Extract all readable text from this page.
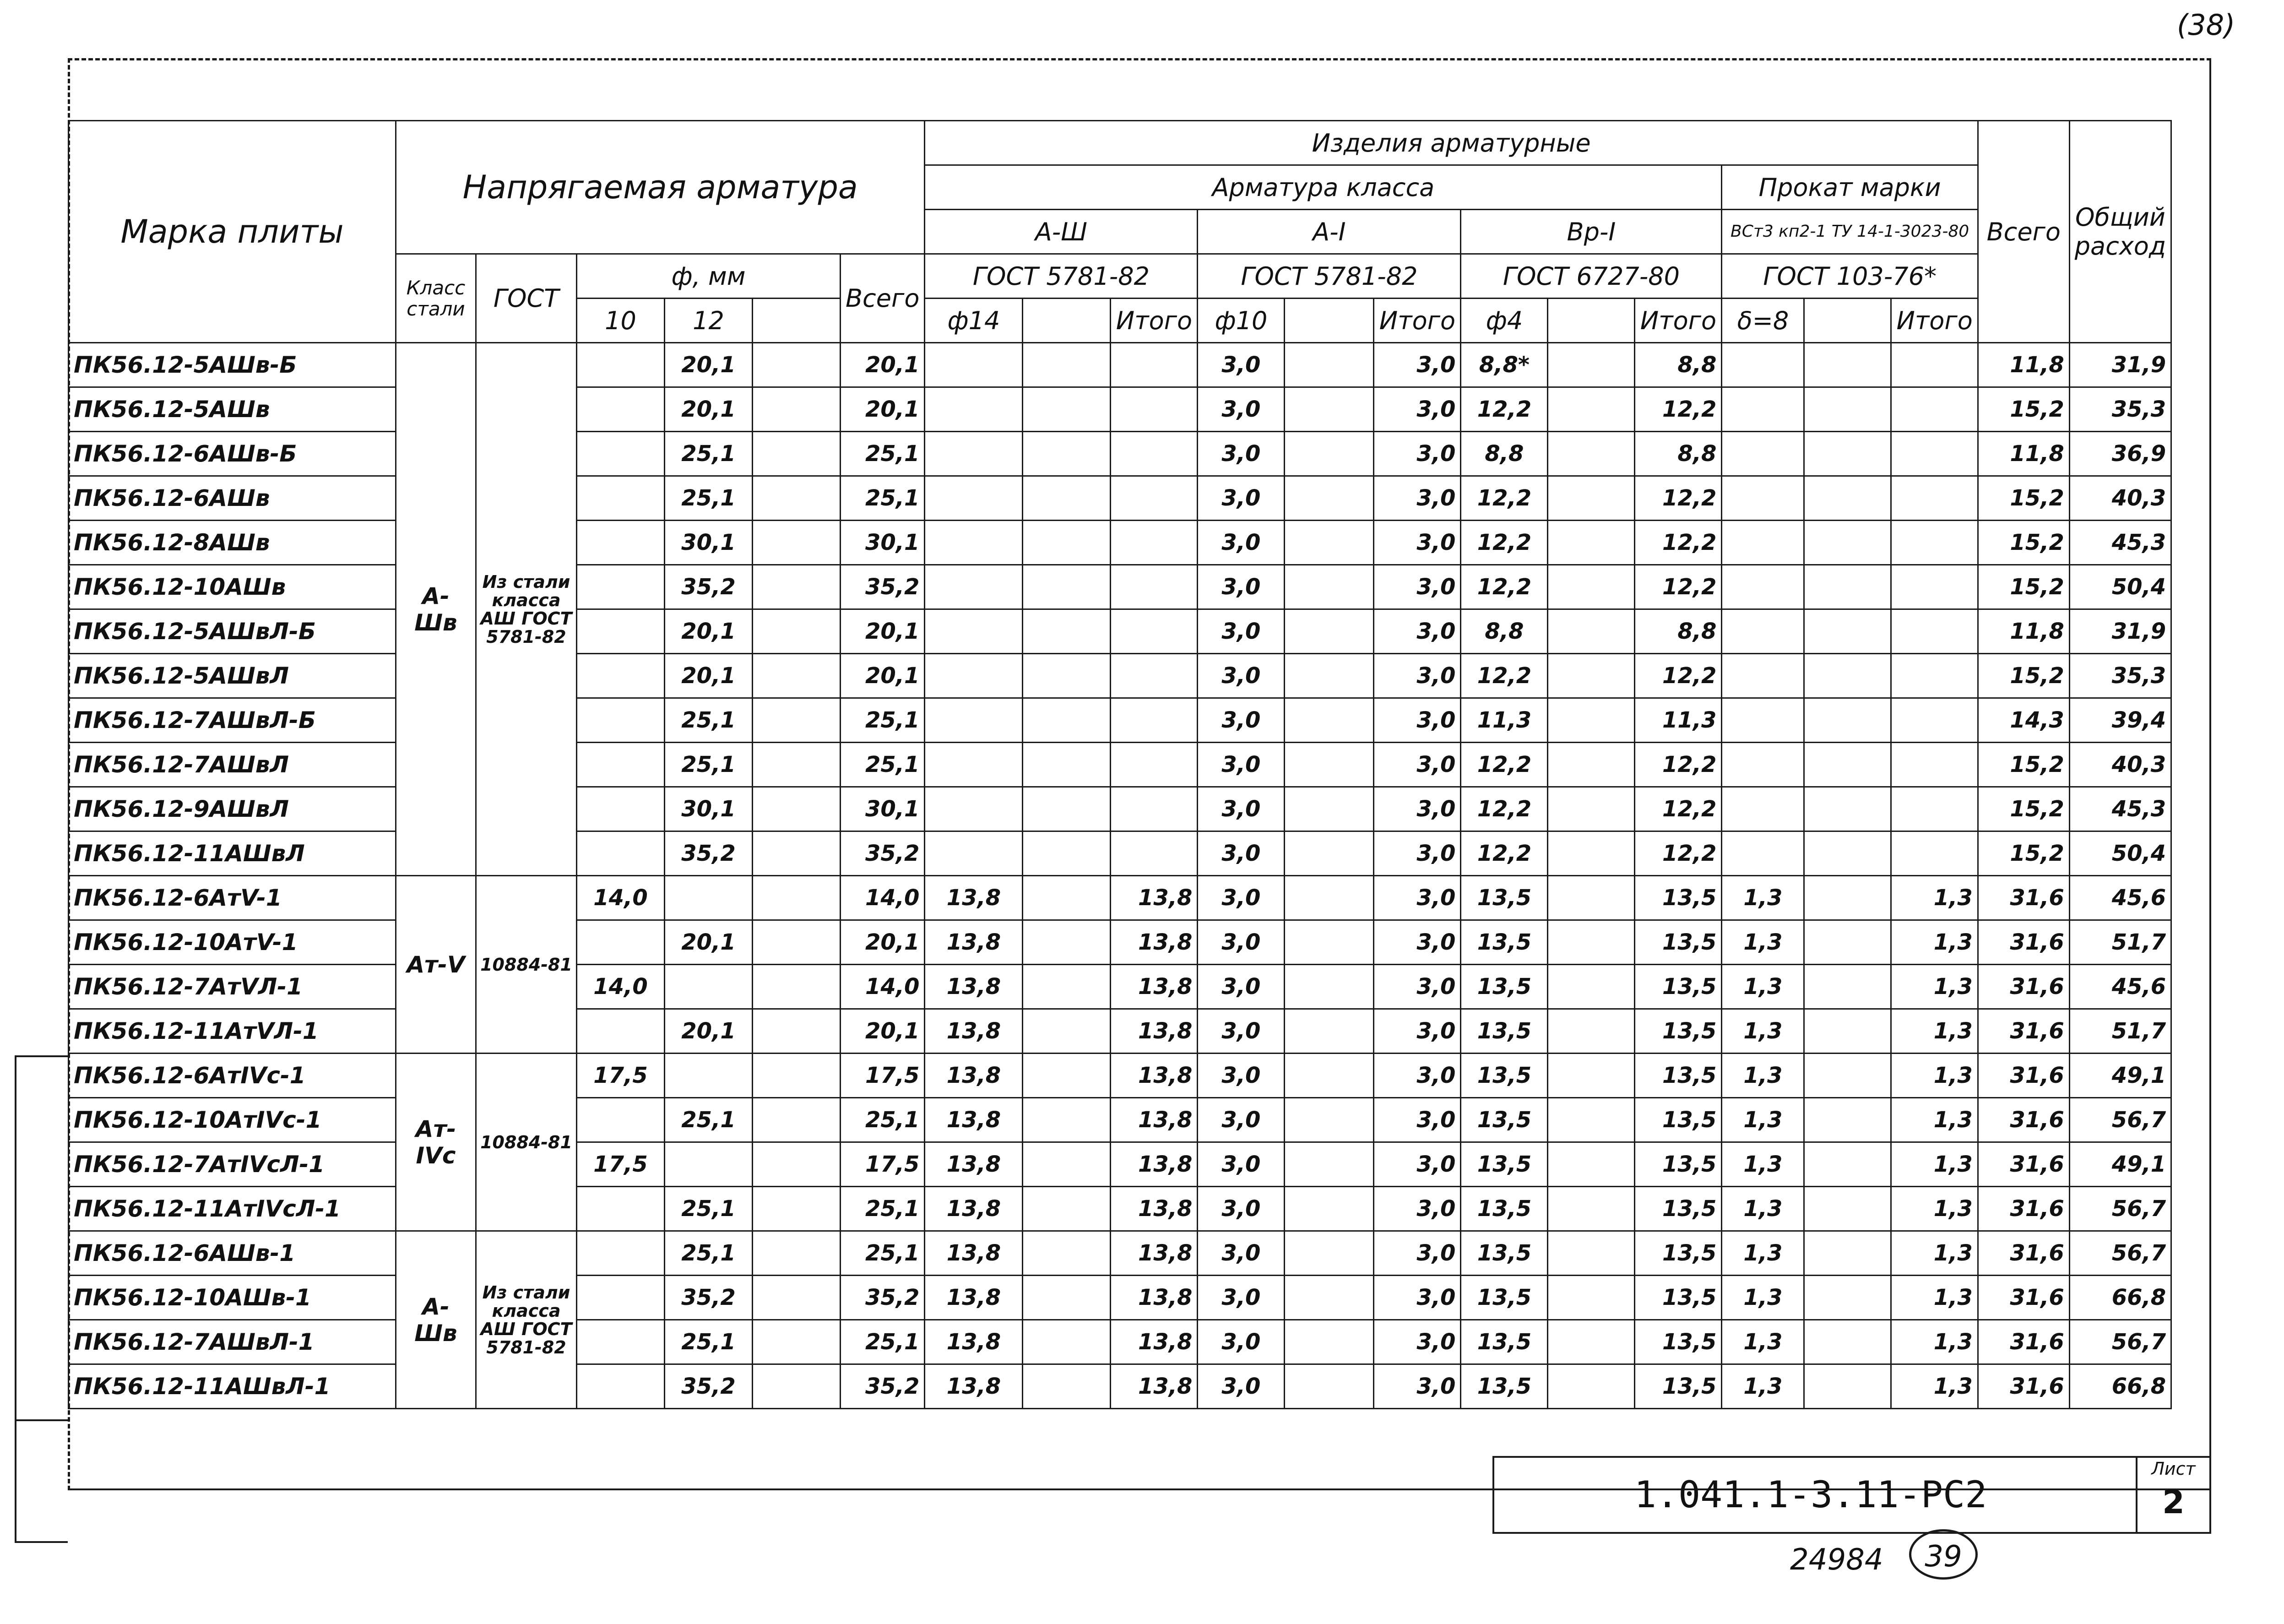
(38)
Марка плиты	Напрягаемая арматура						Изделия арматурные												Всего	Общий расход
							Арматура класса									Прокат марки				
							А-Ш			А-I			Вр-I			ВСт3 кп2-1 ТУ 14-1-3023-80				
	Класс стали	ГОСТ	ф, мм			Всего	ГОСТ 5781-82			ГОСТ 5781-82			ГОСТ 6727-80			ГОСТ 103-76*				
			10	12			ф14		Итого	ф10		Итого	ф4		Итого	δ=8		Итого		
ПК56.12-5АШв-Б	А-Шв	Из стали класса АШ ГОСТ 5781-82		20,1		20,1				3,0		3,0	8,8*		8,8				11,8	31,9
ПК56.12-5АШв				20,1		20,1				3,0		3,0	12,2		12,2				15,2	35,3
ПК56.12-6АШв-Б				25,1		25,1				3,0		3,0	8,8		8,8				11,8	36,9
ПК56.12-6АШв				25,1		25,1				3,0		3,0	12,2		12,2				15,2	40,3
ПК56.12-8АШв				30,1		30,1				3,0		3,0	12,2		12,2				15,2	45,3
ПК56.12-10АШв				35,2		35,2				3,0		3,0	12,2		12,2				15,2	50,4
ПК56.12-5АШвЛ-Б				20,1		20,1				3,0		3,0	8,8		8,8				11,8	31,9
ПК56.12-5АШвЛ				20,1		20,1				3,0		3,0	12,2		12,2				15,2	35,3
ПК56.12-7АШвЛ-Б				25,1		25,1				3,0		3,0	11,3		11,3				14,3	39,4
ПК56.12-7АШвЛ				25,1		25,1				3,0		3,0	12,2		12,2				15,2	40,3
ПК56.12-9АШвЛ				30,1		30,1				3,0		3,0	12,2		12,2				15,2	45,3
ПК56.12-11АШвЛ				35,2		35,2				3,0		3,0	12,2		12,2				15,2	50,4
ПК56.12-6АтV-1	Ат-V	10884-81	14,0			14,0	13,8		13,8	3,0		3,0	13,5		13,5	1,3		1,3	31,6	45,6
ПК56.12-10АтV-1				20,1		20,1	13,8		13,8	3,0		3,0	13,5		13,5	1,3		1,3	31,6	51,7
ПК56.12-7АтVЛ-1			14,0			14,0	13,8		13,8	3,0		3,0	13,5		13,5	1,3		1,3	31,6	45,6
ПК56.12-11АтVЛ-1				20,1		20,1	13,8		13,8	3,0		3,0	13,5		13,5	1,3		1,3	31,6	51,7
ПК56.12-6АтIVс-1	Ат-IVс	10884-81	17,5			17,5	13,8		13,8	3,0		3,0	13,5		13,5	1,3		1,3	31,6	49,1
ПК56.12-10АтIVс-1				25,1		25,1	13,8		13,8	3,0		3,0	13,5		13,5	1,3		1,3	31,6	56,7
ПК56.12-7АтIVсЛ-1			17,5			17,5	13,8		13,8	3,0		3,0	13,5		13,5	1,3		1,3	31,6	49,1
ПК56.12-11АтIVсЛ-1				25,1		25,1	13,8		13,8	3,0		3,0	13,5		13,5	1,3		1,3	31,6	56,7
ПК56.12-6АШв-1	А-Шв	Из стали класса АШ ГОСТ 5781-82		25,1		25,1	13,8		13,8	3,0		3,0	13,5		13,5	1,3		1,3	31,6	56,7
ПК56.12-10АШв-1				35,2		35,2	13,8		13,8	3,0		3,0	13,5		13,5	1,3		1,3	31,6	66,8
ПК56.12-7АШвЛ-1				25,1		25,1	13,8		13,8	3,0		3,0	13,5		13,5	1,3		1,3	31,6	56,7
ПК56.12-11АШвЛ-1				35,2		35,2	13,8		13,8	3,0		3,0	13,5		13,5	1,3		1,3	31,6	66,8
1.041.1-3.11-РС2
Лист
2
24984	39
